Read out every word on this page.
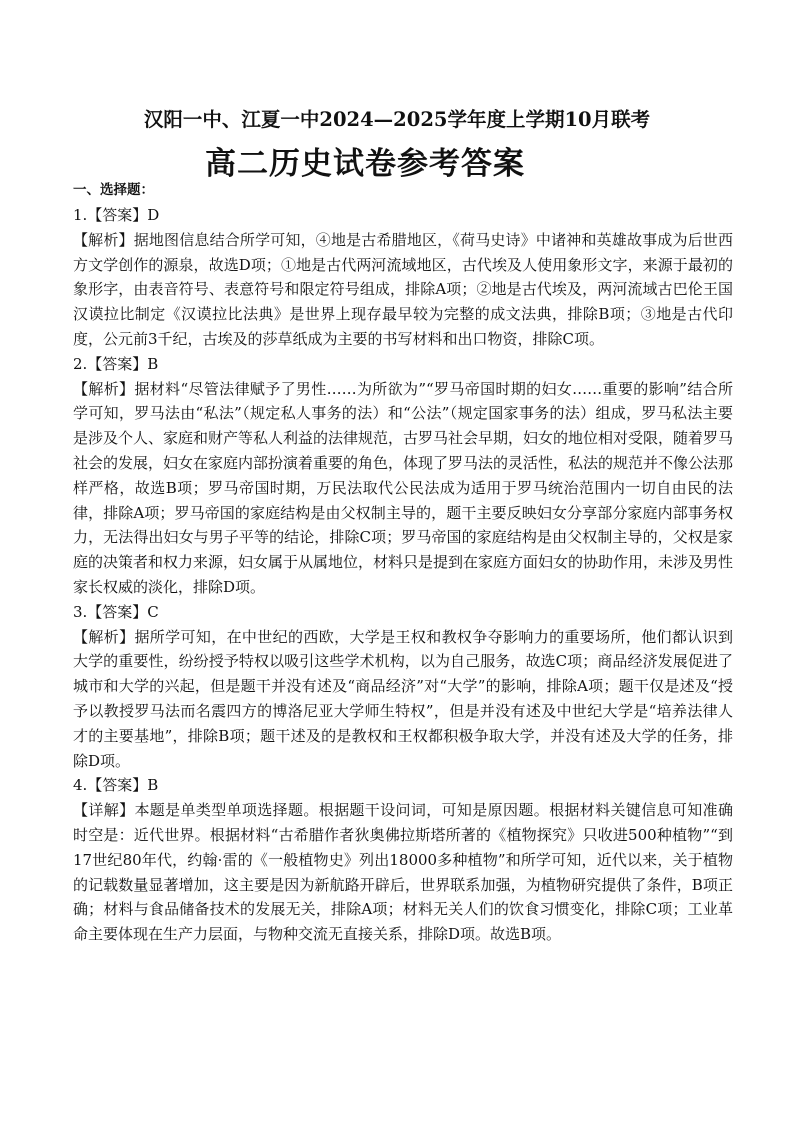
汉阳一中、江夏一中2024—2025学年度上学期10月联考
高二历史试卷参考答案
一、选择题：
1.【答案】D
【解析】据地图信息结合所学可知，④地是古希腊地区，《荷马史诗》中诸神和英雄故事成为后世西方文学创作的源泉，故选D项；①地是古代两河流域地区，古代埃及人使用象形文字，来源于最初的象形字，由表音符号、表意符号和限定符号组成，排除A项；②地是古代埃及，两河流域古巴伦王国汉谟拉比制定《汉谟拉比法典》是世界上现存最早较为完整的成文法典，排除B项；③地是古代印度，公元前3千纪，古埃及的莎草纸成为主要的书写材料和出口物资，排除C项。
2.【答案】B
【解析】据材料“尽管法律赋予了男性……为所欲为”“罗马帝国时期的妇女……重要的影响”结合所学可知，罗马法由“私法”（规定私人事务的法）和“公法”（规定国家事务的法）组成，罗马私法主要是涉及个人、家庭和财产等私人利益的法律规范，古罗马社会早期，妇女的地位相对受限，随着罗马社会的发展，妇女在家庭内部扮演着重要的角色，体现了罗马法的灵活性，私法的规范并不像公法那样严格，故选B项；罗马帝国时期，万民法取代公民法成为适用于罗马统治范围内一切自由民的法律，排除A项；罗马帝国的家庭结构是由父权制主导的，题干主要反映妇女分享部分家庭内部事务权力，无法得出妇女与男子平等的结论，排除C项；罗马帝国的家庭结构是由父权制主导的，父权是家庭的决策者和权力来源，妇女属于从属地位，材料只是提到在家庭方面妇女的协助作用，未涉及男性家长权威的淡化，排除D项。
3.【答案】C
【解析】据所学可知，在中世纪的西欧，大学是王权和教权争夺影响力的重要场所，他们都认识到大学的重要性，纷纷授予特权以吸引这些学术机构，以为自己服务，故选C项；商品经济发展促进了城市和大学的兴起，但是题干并没有述及“商品经济”对“大学”的影响，排除A项；题干仅是述及“授予以教授罗马法而名震四方的博洛尼亚大学师生特权”，但是并没有述及中世纪大学是“培养法律人才的主要基地”，排除B项；题干述及的是教权和王权都积极争取大学，并没有述及大学的任务，排除D项。
4.【答案】B
【详解】本题是单类型单项选择题。根据题干设问词，可知是原因题。根据材料关键信息可知准确时空是：近代世界。根据材料“古希腊作者狄奥佛拉斯塔所著的《植物探究》只收进500种植物”“到17世纪80年代，约翰·雷的《一般植物史》列出18000多种植物”和所学可知，近代以来，关于植物的记载数量显著增加，这主要是因为新航路开辟后，世界联系加强，为植物研究提供了条件，B项正确；材料与食品储备技术的发展无关，排除A项；材料无关人们的饮食习惯变化，排除C项；工业革命主要体现在生产力层面，与物种交流无直接关系，排除D项。故选B项。
